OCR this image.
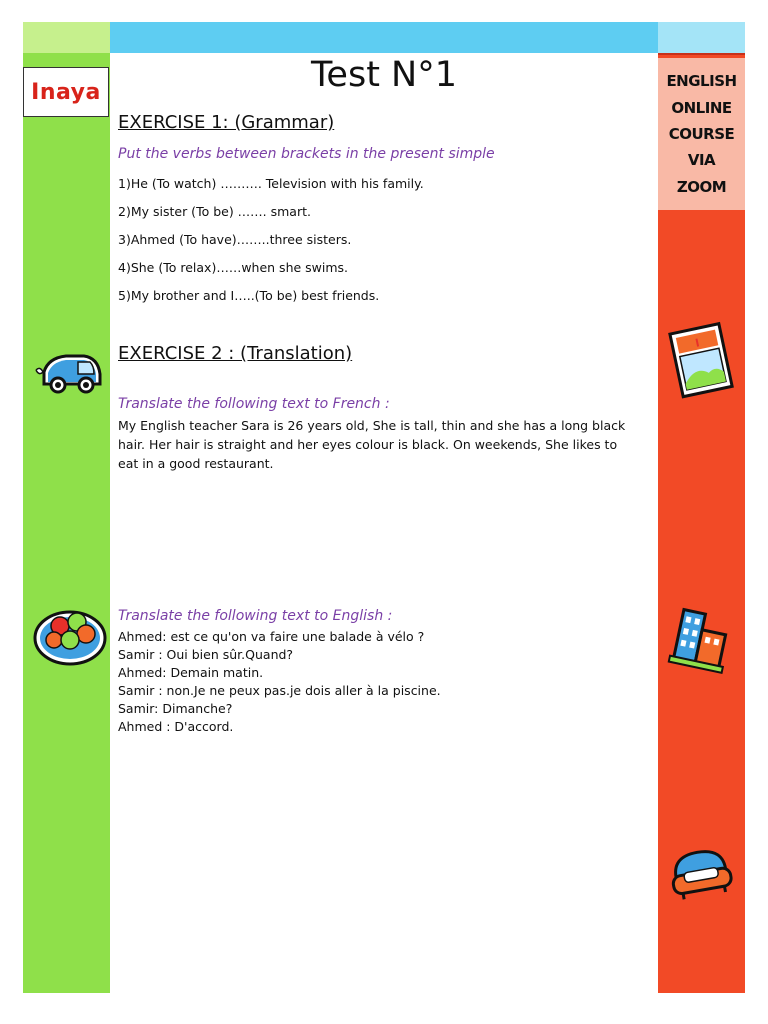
Inaya	ENGLISH
ONLINE
COURSE
VIA
ZOOM
Test N°1
EXERCISE 1: (Grammar)
Put the verbs between brackets in the present simple
1)He (To watch) ………. Television with his family.
2)My sister (To be) ……. smart.
3)Ahmed (To have)……..three sisters.
4)She (To relax)……when she swims.
5)My brother and I…..(To be) best friends.
EXERCISE 2 : (Translation)
Translate the following text to French :
My English teacher Sara is 26 years old, She is tall, thin and she has a long black hair. Her hair is straight and her eyes colour is black. On weekends, She likes to eat in a good restaurant.
Translate the following text to English :
Ahmed: est ce qu'on va faire une balade à vélo ?
Samir : Oui bien sûr.Quand?
Ahmed: Demain matin.
Samir : non.Je ne peux pas.je dois aller à la piscine.
Samir: Dimanche?
Ahmed : D'accord.
